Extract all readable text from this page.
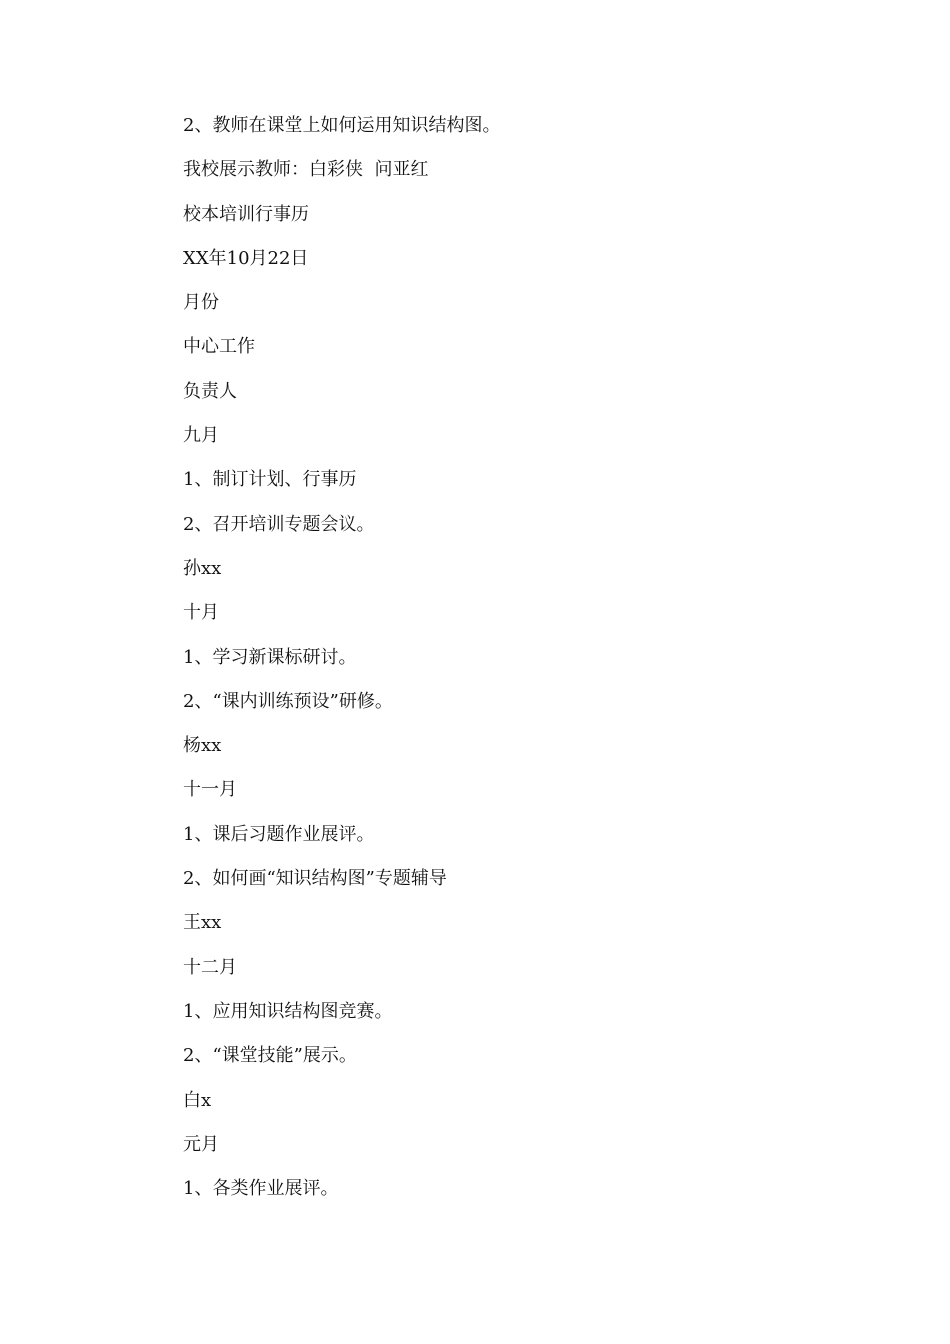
2、教师在课堂上如何运用知识结构图。
我校展示教师：白彩侠  问亚红
校本培训行事历
XX年10月22日
月份
中心工作
负责人
九月
1、制订计划、行事历
2、召开培训专题会议。
孙xx
十月
1、学习新课标研讨。
2、“课内训练预设”研修。
杨xx
十一月
1、课后习题作业展评。
2、如何画“知识结构图”专题辅导
王xx
十二月
1、应用知识结构图竞赛。
2、“课堂技能”展示。
白x
元月
1、各类作业展评。
